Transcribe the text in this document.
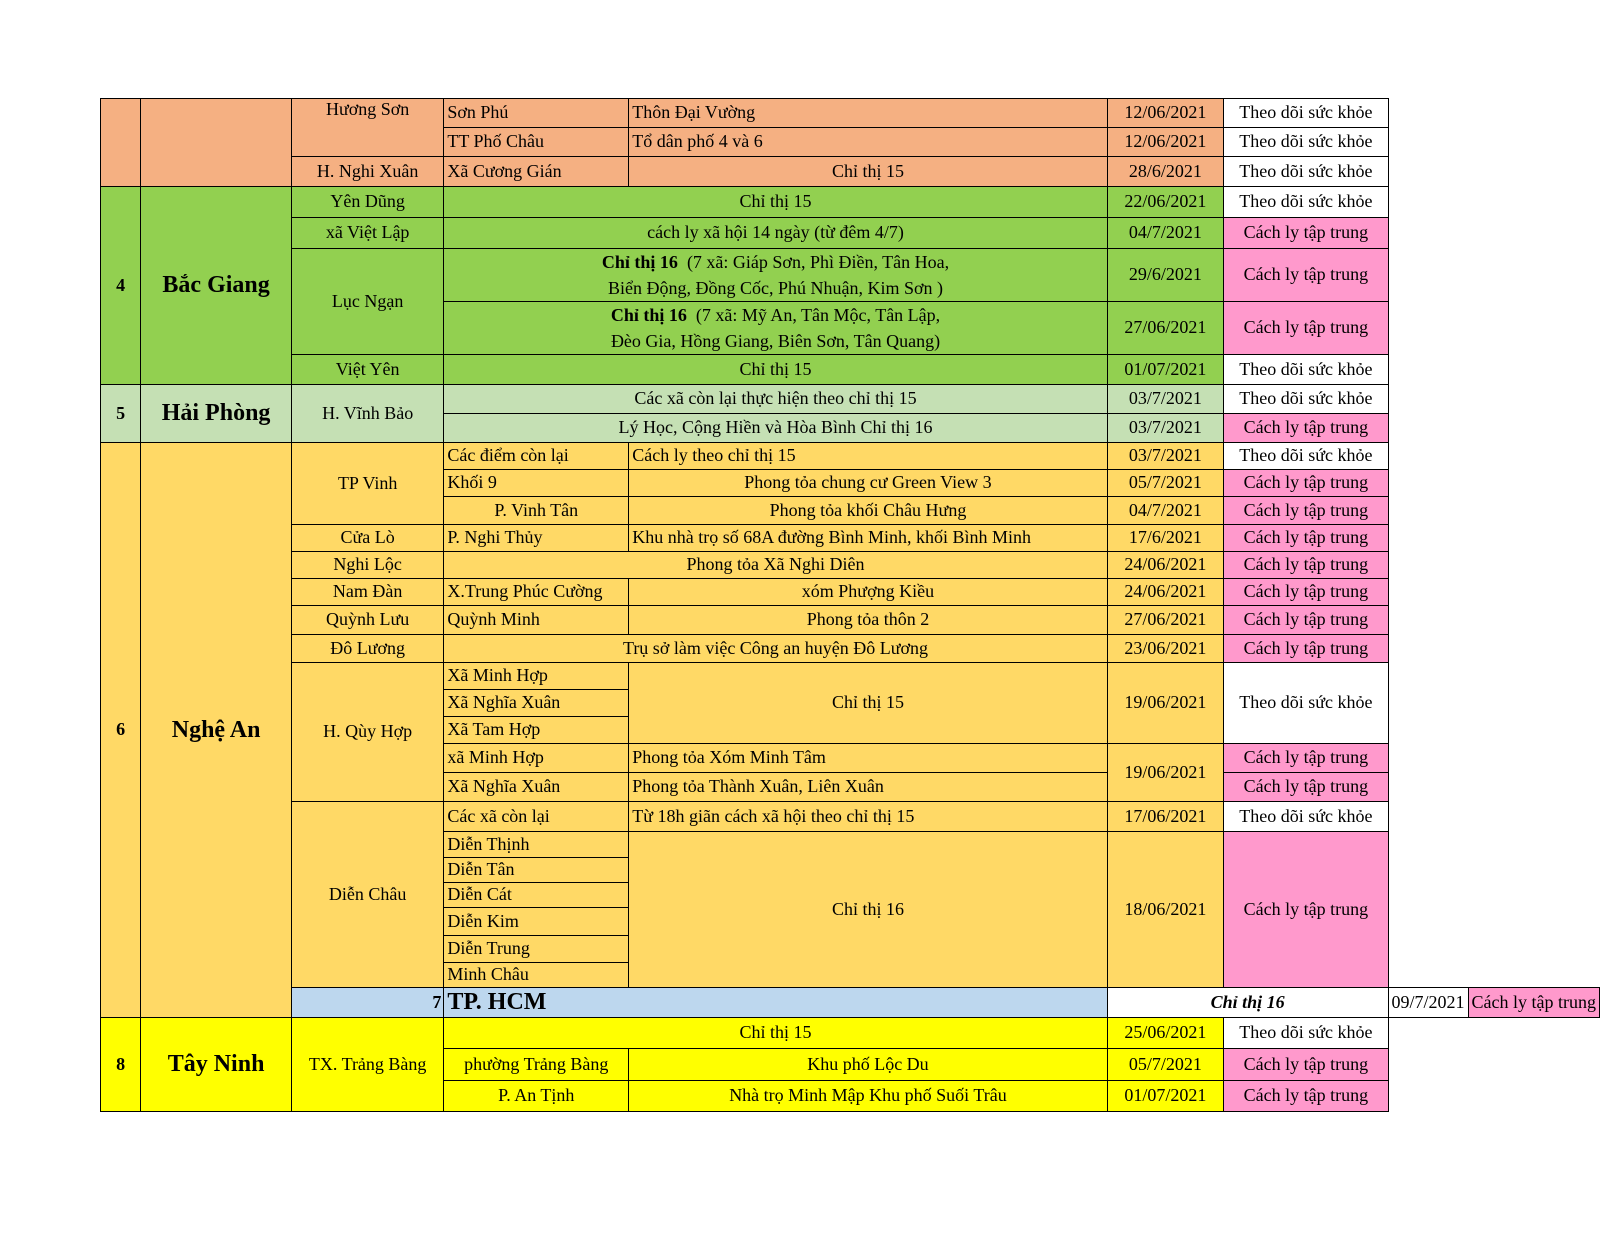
		Hương Sơn	Sơn Phú	Thôn Đại Vường	12/06/2021	Theo dõi sức khỏe		
			TT Phố Châu	Tổ dân phố 4 và 6	12/06/2021	Theo dõi sức khỏe		
		H. Nghi Xuân	Xã Cương Gián	Chỉ thị 15	28/6/2021	Theo dõi sức khỏe		
4	Bắc Giang	Yên Dũng	Chỉ thị 15		22/06/2021	Theo dõi sức khỏe		
		xã Việt Lập	cách ly xã hội 14 ngày (từ đêm 4/7)		04/7/2021	Cách ly tập trung		
		Lục Ngạn	Chỉ thị 16 (7 xã: Giáp Sơn, Phì Điền, Tân Hoa,
Biển Động, Đồng Cốc, Phú Nhuận, Kim Sơn )		29/6/2021	Cách ly tập trung		
			Chỉ thị 16 (7 xã: Mỹ An, Tân Mộc, Tân Lập,
Đèo Gia, Hồng Giang, Biên Sơn, Tân Quang)		27/06/2021	Cách ly tập trung		
		Việt Yên	Chỉ thị 15		01/07/2021	Theo dõi sức khỏe		

5	Hải Phòng	H. Vĩnh Bảo	Các xã còn lại thực hiện theo chỉ thị 15		03/7/2021	Theo dõi sức khỏe		
			Lý Học, Cộng Hiền và Hòa Bình Chỉ thị 16		03/7/2021	Cách ly tập trung		
6	Nghệ An	TP Vinh	Các điểm còn lại	Cách ly theo chỉ thị 15	03/7/2021	Theo dõi sức khỏe		
			Khối 9	Phong tỏa chung cư Green View 3	05/7/2021	Cách ly tập trung		
			P. Vinh Tân	Phong tỏa khối Châu Hưng	04/7/2021	Cách ly tập trung		
		Cửa Lò	P. Nghi Thủy	Khu nhà trọ số 68A đường Bình Minh, khối Bình Minh	17/6/2021	Cách ly tập trung		
		Nghi Lộc	Phong tỏa Xã Nghi Diên		24/06/2021	Cách ly tập trung		
		Nam Đàn	X.Trung Phúc Cường	xóm Phượng Kiều	24/06/2021	Cách ly tập trung		
		Quỳnh Lưu	Quỳnh Minh	Phong tỏa thôn 2	27/06/2021	Cách ly tập trung		
		Đô Lương	Trụ sở làm việc Công an huyện Đô Lương		23/06/2021	Cách ly tập trung		
		H. Qùy Hợp	Xã Minh Hợp	Chỉ thị 15	19/06/2021	Theo dõi sức khỏe		
			Xã Nghĩa Xuân					
			Xã Tam Hợp					
			xã Minh Hợp	Phong tỏa Xóm Minh Tâm	19/06/2021	Cách ly tập trung		
			Xã Nghĩa Xuân	Phong tỏa Thành Xuân, Liên Xuân		Cách ly tập trung		
		Diễn Châu	Các xã còn lại	Từ 18h giãn cách xã hội theo chỉ thị 15	17/06/2021	Theo dõi sức khỏe		
			Diễn Thịnh	Chỉ thị 16	18/06/2021	Cách ly tập trung		
			Diễn Tân					
			Diễn Cát					
			Diễn Kim					
			Diễn Trung					
			Minh Châu					

		7	TP. HCM		Chỉ thị 16		09/7/2021	Cách ly tập trung
8	Tây Ninh	TX. Trảng Bàng	Chỉ thị 15		25/06/2021	Theo dõi sức khỏe		
			phường Trảng Bàng	Khu phố Lộc Du	05/7/2021	Cách ly tập trung		
			P. An Tịnh	Nhà trọ Minh Mập Khu phố Suối Trâu	01/07/2021	Cách ly tập trung		
